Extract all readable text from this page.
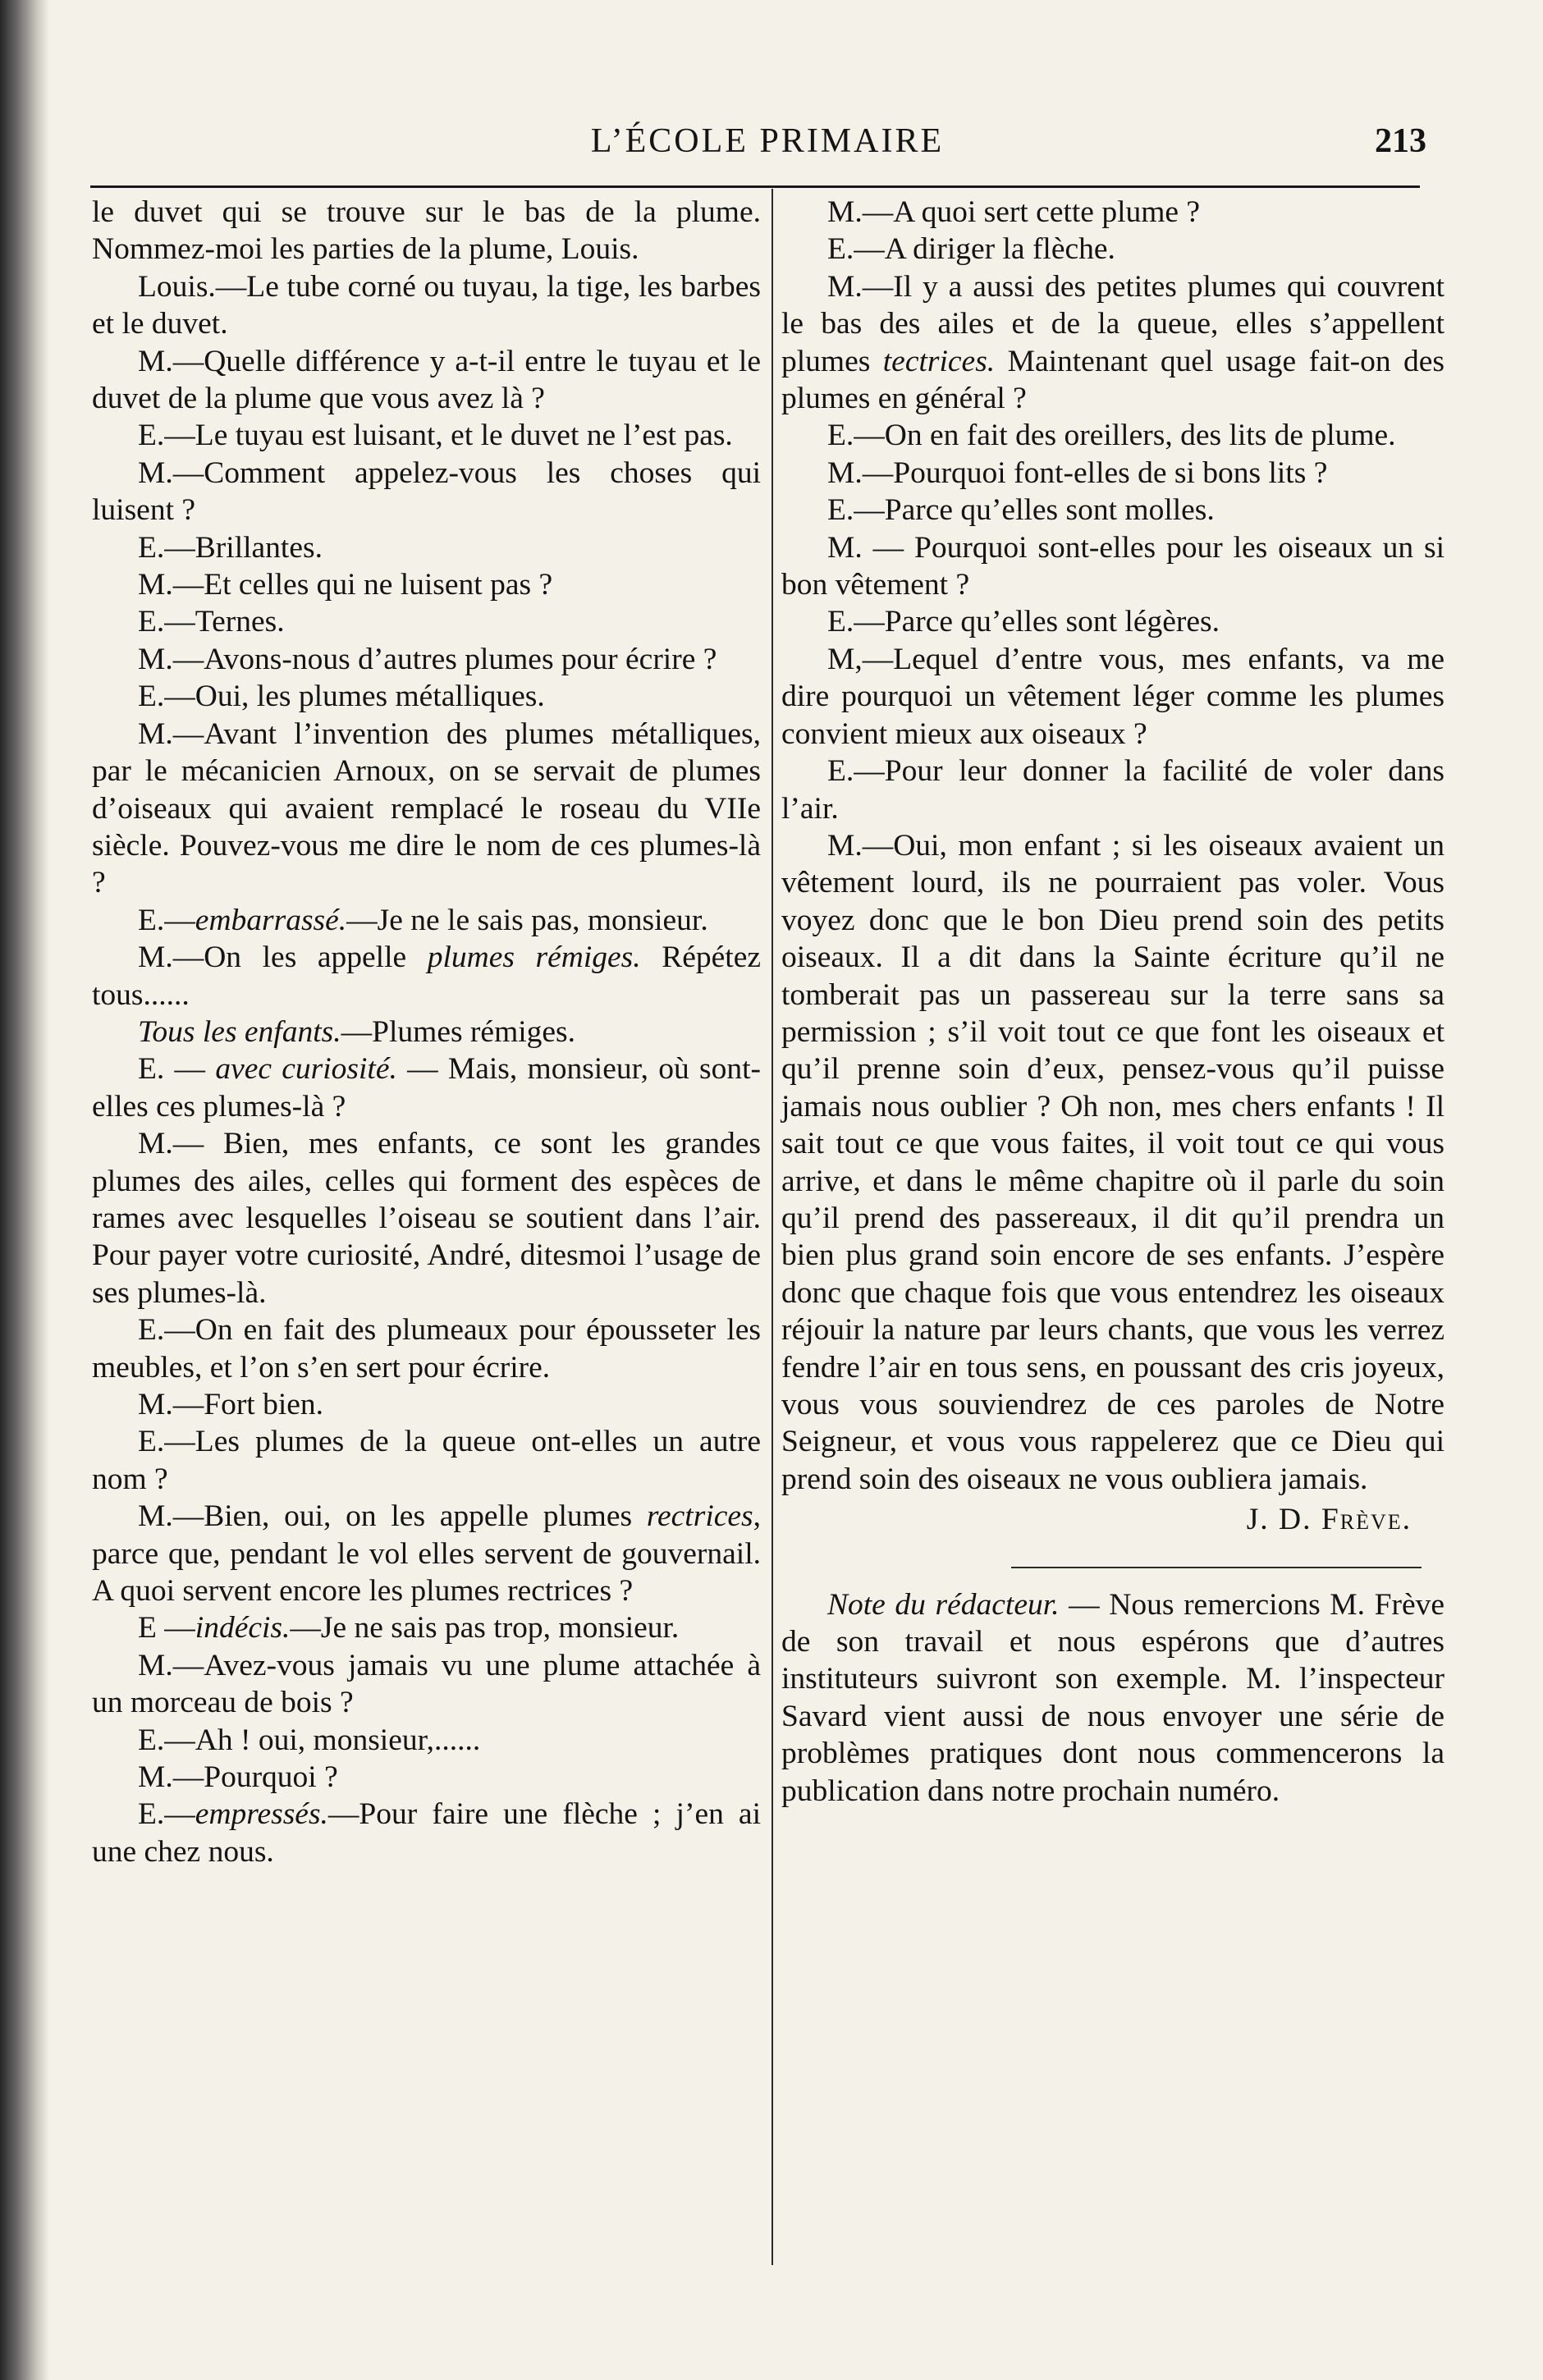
L’ÉCOLE PRIMAIRE	213

le duvet qui se trouve sur le bas de la plume. Nommez-moi les parties de la plume, Louis.

Louis.—Le tube corné ou tuyau, la tige, les barbes et le duvet.

M.—Quelle différence y a-t-il entre le tuyau et le duvet de la plume que vous avez là ?

E.—Le tuyau est luisant, et le duvet ne l’est pas.

M.—Comment appelez-vous les choses qui luisent ?

E.—Brillantes.

M.—Et celles qui ne luisent pas ?

E.—Ternes.

M.—Avons-nous d’autres plumes pour écrire ?

E.—Oui, les plumes métalliques.

M.—Avant l’invention des plumes métalliques, par le mécanicien Arnoux, on se servait de plumes d’oiseaux qui avaient remplacé le roseau du VIIe siècle. Pouvez-vous me dire le nom de ces plumes-là ?

E.—embarrassé.—Je ne le sais pas, monsieur.

M.—On les appelle plumes rémiges. Répétez tous......

Tous les enfants.—Plumes rémiges.

E. — avec curiosité. — Mais, monsieur, où sont-elles ces plumes-là ?

M.— Bien, mes enfants, ce sont les grandes plumes des ailes, celles qui forment des espèces de rames avec lesquelles l’oiseau se soutient dans l’air. Pour payer votre curiosité, André, ditesmoi l’usage de ses plumes-là.

E.—On en fait des plumeaux pour épousseter les meubles, et l’on s’en sert pour écrire.

M.—Fort bien.

E.—Les plumes de la queue ont-elles un autre nom ?

M.—Bien, oui, on les appelle plumes rectrices, parce que, pendant le vol elles servent de gouvernail. A quoi servent encore les plumes rectrices ?

E —indécis.—Je ne sais pas trop, monsieur.

M.—Avez-vous jamais vu une plume attachée à un morceau de bois ?

E.—Ah ! oui, monsieur,......

M.—Pourquoi ?

E.—empressés.—Pour faire une flèche ; j’en ai une chez nous.

M.—A quoi sert cette plume ?

E.—A diriger la flèche.

M.—Il y a aussi des petites plumes qui couvrent le bas des ailes et de la queue, elles s’appellent plumes tectrices. Maintenant quel usage fait-on des plumes en général ?

E.—On en fait des oreillers, des lits de plume.

M.—Pourquoi font-elles de si bons lits ?

E.—Parce qu’elles sont molles.

M. — Pourquoi sont-elles pour les oiseaux un si bon vêtement ?

E.—Parce qu’elles sont légères.

M,—Lequel d’entre vous, mes enfants, va me dire pourquoi un vêtement léger comme les plumes convient mieux aux oiseaux ?

E.—Pour leur donner la facilité de voler dans l’air.

M.—Oui, mon enfant ; si les oiseaux avaient un vêtement lourd, ils ne pourraient pas voler. Vous voyez donc que le bon Dieu prend soin des petits oiseaux. Il a dit dans la Sainte écriture qu’il ne tomberait pas un passereau sur la terre sans sa permission ; s’il voit tout ce que font les oiseaux et qu’il prenne soin d’eux, pensez-vous qu’il puisse jamais nous oublier ? Oh non, mes chers enfants ! Il sait tout ce que vous faites, il voit tout ce qui vous arrive, et dans le même chapitre où il parle du soin qu’il prend des passereaux, il dit qu’il prendra un bien plus grand soin encore de ses enfants. J’espère donc que chaque fois que vous entendrez les oiseaux réjouir la nature par leurs chants, que vous les verrez fendre l’air en tous sens, en poussant des cris joyeux, vous vous souviendrez de ces paroles de Notre Seigneur, et vous vous rappelerez que ce Dieu qui prend soin des oiseaux ne vous oubliera jamais.

J. D. Frève.

Note du rédacteur. — Nous remercions M. Frève de son travail et nous espérons que d’autres instituteurs suivront son exemple. M. l’inspecteur Savard vient aussi de nous envoyer une série de problèmes pratiques dont nous commencerons la publication dans notre prochain numéro.
